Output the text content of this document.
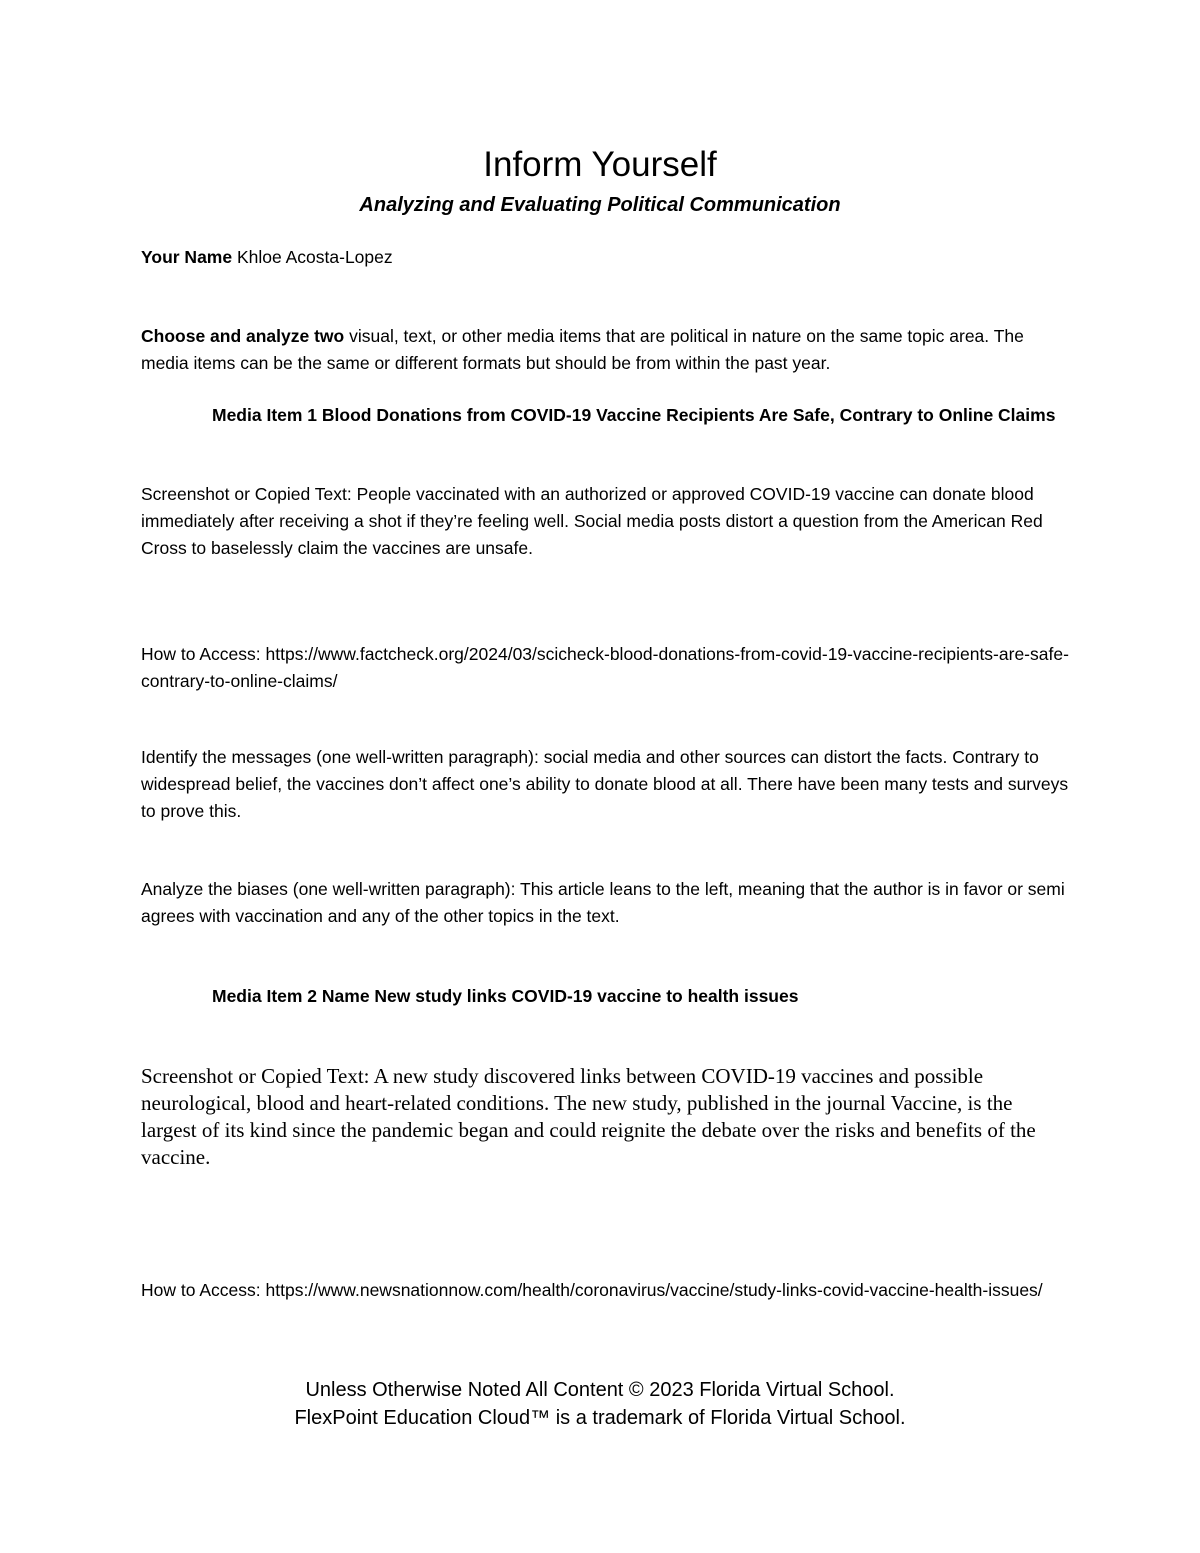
Inform Yourself
Analyzing and Evaluating Political Communication
Your Name Khloe Acosta-Lopez
Choose and analyze two visual, text, or other media items that are political in nature on the same topic area. The media items can be the same or different formats but should be from within the past year.
Media Item 1 Blood Donations from COVID-19 Vaccine Recipients Are Safe, Contrary to Online Claims
Screenshot or Copied Text: People vaccinated with an authorized or approved COVID-19 vaccine can donate blood immediately after receiving a shot if they’re feeling well. Social media posts distort a question from the American Red Cross to baselessly claim the vaccines are unsafe.
How to Access: https://www.factcheck.org/2024/03/scicheck-blood-donations-from-covid-19-vaccine-recipients-are-safe-contrary-to-online-claims/
Identify the messages (one well-written paragraph): social media and other sources can distort the facts. Contrary to widespread belief, the vaccines don’t affect one’s ability to donate blood at all. There have been many tests and surveys to prove this.
Analyze the biases (one well-written paragraph): This article leans to the left, meaning that the author is in favor or semi agrees with vaccination and any of the other topics in the text.
Media Item 2 Name New study links COVID-19 vaccine to health issues
Screenshot or Copied Text: A new study discovered links between COVID-19 vaccines and possible neurological, blood and heart-related conditions. The new study, published in the journal Vaccine, is the largest of its kind since the pandemic began and could reignite the debate over the risks and benefits of the vaccine.
How to Access: https://www.newsnationnow.com/health/coronavirus/vaccine/study-links-covid-vaccine-health-issues/
Unless Otherwise Noted All Content © 2023 Florida Virtual School.
FlexPoint Education Cloud™ is a trademark of Florida Virtual School.
